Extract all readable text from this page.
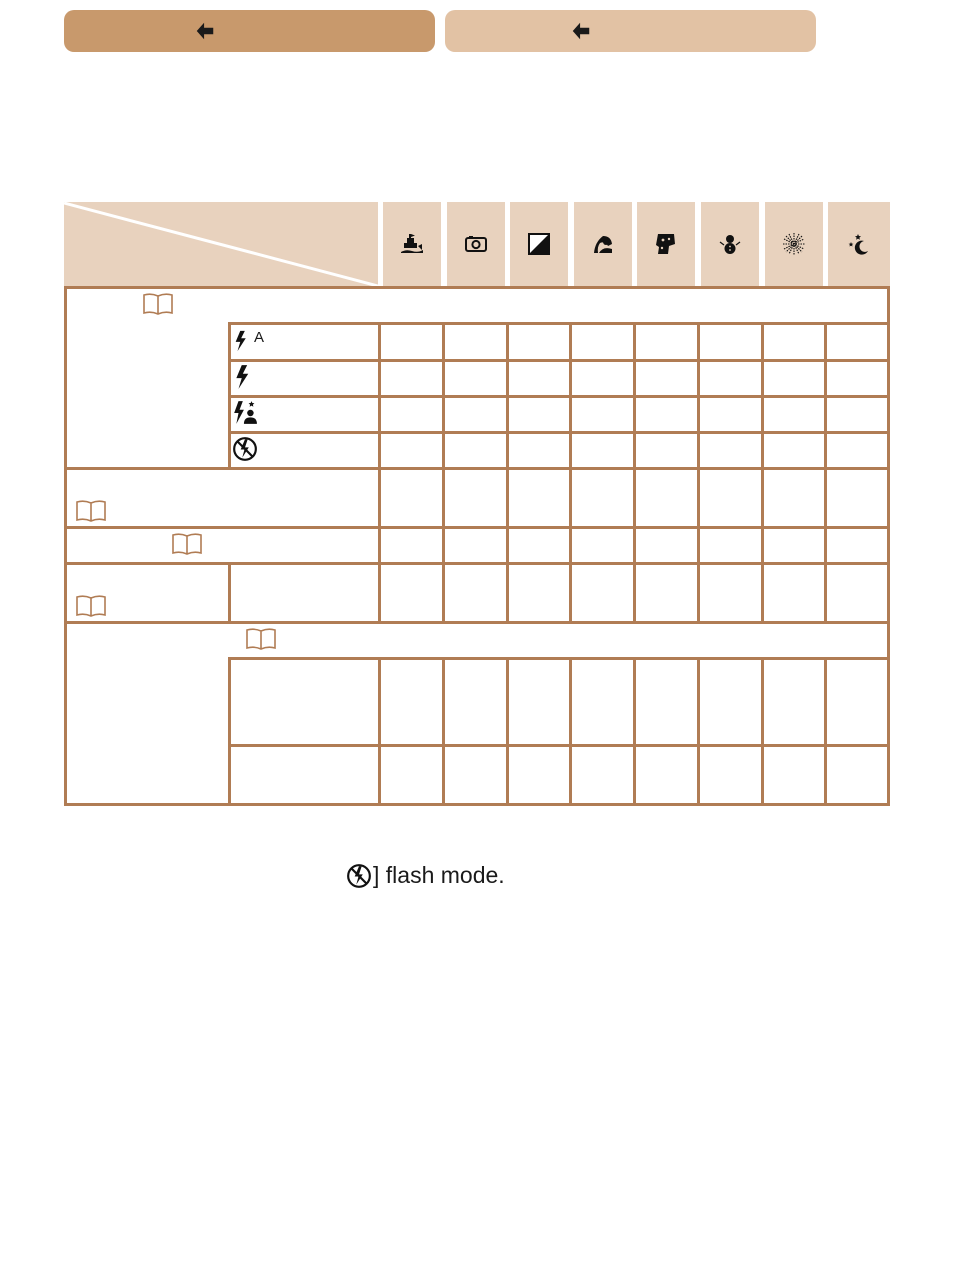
A
] flash mode.
